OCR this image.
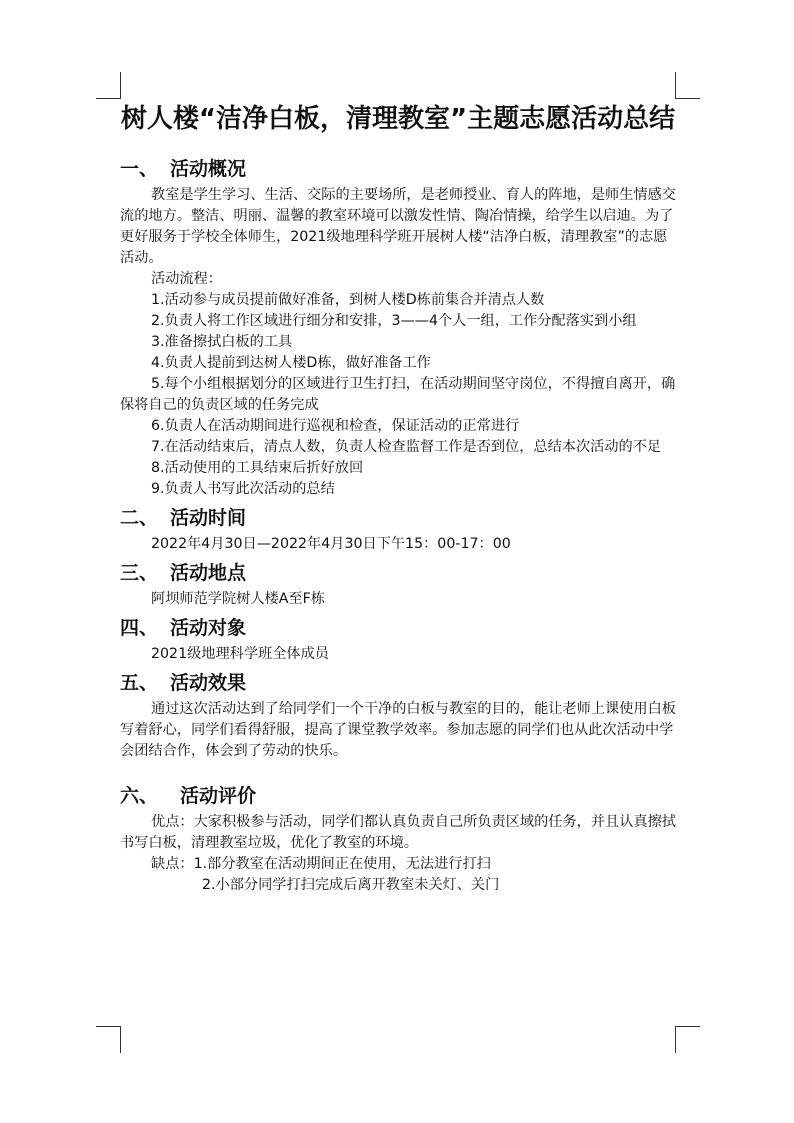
树人楼“洁净白板，清理教室”主题志愿活动总结
一、 活动概况

教室是学生学习、生活、交际的主要场所，是老师授业、育人的阵地，是师生情感交流的地方。整洁、明丽、温馨的教室环境可以激发性情、陶冶情操，给学生以启迪。为了更好服务于学校全体师生，2021级地理科学班开展树人楼“洁净白板，清理教室”的志愿活动。

活动流程：

1.活动参与成员提前做好准备，到树人楼D栋前集合并清点人数

2.负责人将工作区域进行细分和安排，3——4个人一组，工作分配落实到小组

3.准备擦拭白板的工具

4.负责人提前到达树人楼D栋，做好准备工作

5.每个小组根据划分的区域进行卫生打扫，在活动期间坚守岗位，不得擅自离开，确保将自己的负责区域的任务完成

6.负责人在活动期间进行巡视和检查，保证活动的正常进行

7.在活动结束后，清点人数，负责人检查监督工作是否到位，总结本次活动的不足

8.活动使用的工具结束后折好放回

9.负责人书写此次活动的总结

二、 活动时间

2022年4月30日—2022年4月30日下午15：00-17：00

三、 活动地点

阿坝师范学院树人楼A至F栋

四、 活动对象

2021级地理科学班全体成员

五、 活动效果

通过这次活动达到了给同学们一个干净的白板与教室的目的，能让老师上课使用白板写着舒心，同学们看得舒服，提高了课堂教学效率。参加志愿的同学们也从此次活动中学会团结合作，体会到了劳动的快乐。

六、 活动评价

优点：大家积极参与活动，同学们都认真负责自己所负责区域的任务，并且认真擦拭书写白板，清理教室垃圾，优化了教室的环境。

缺点：1.部分教室在活动期间正在使用，无法进行打扫

2.小部分同学打扫完成后离开教室未关灯、关门
